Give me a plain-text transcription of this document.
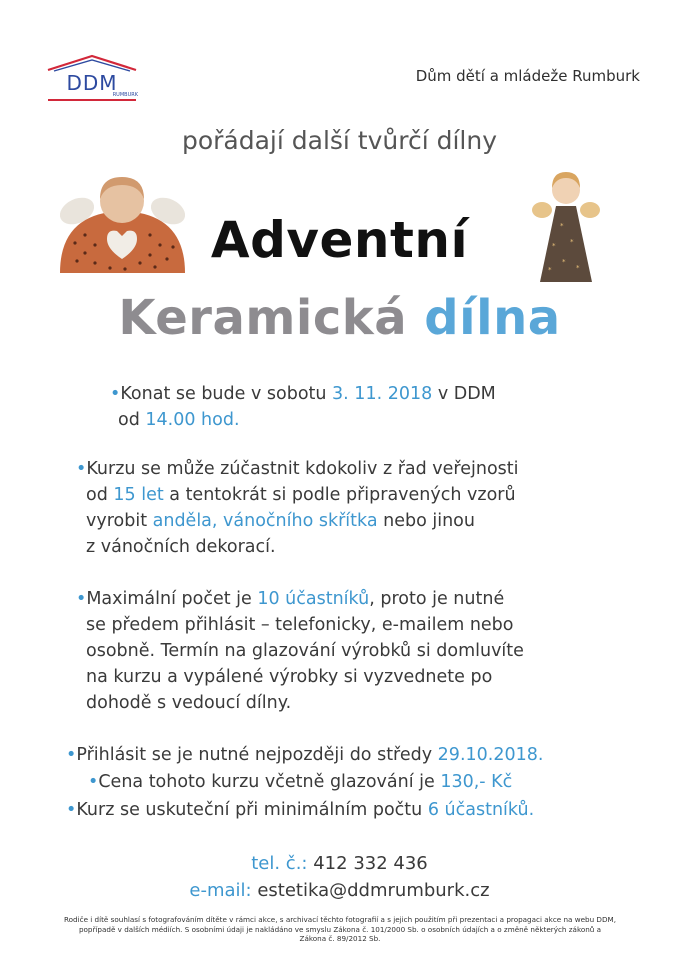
DDM
RUMBURK
Dům dětí a mládeže Rumburk
pořádají další tvůrčí dílny
*
* *
*
*	*
Adventní
Keramická dílna
•Konat se bude v sobotu 3. 11. 2018 v DDM
od 14.00 hod.
•Kurzu se může zúčastnit kdokoliv z řad veřejnosti
od 15 let a tentokrát si podle připravených vzorů
vyrobit anděla, vánočního skřítka nebo jinou
z vánočních dekorací.
•Maximální počet je 10 účastníků, proto je nutné
se předem přihlásit – telefonicky, e-mailem nebo
osobně. Termín na glazování výrobků si domluvíte
na kurzu a vypálené výrobky si vyzvednete po
dohodě s vedoucí dílny.
•Přihlásit se je nutné nejpozději do středy 29.10.2018.
•Cena tohoto kurzu včetně glazování je 130,- Kč
•Kurz se uskuteční při minimálním počtu 6 účastníků.
tel. č.: 412 332 436
e-mail: estetika@ddmrumburk.cz
Rodiče i dítě souhlasí s fotografováním dítěte v rámci akce, s archivací těchto fotografií a s jejich použitím při prezentaci a propagaci akce na webu DDM,
popřípadě v dalších médiích. S osobními údaji je nakládáno ve smyslu Zákona č. 101/2000 Sb. o osobních údajích a o změně některých zákonů a
Zákona č. 89/2012 Sb.
